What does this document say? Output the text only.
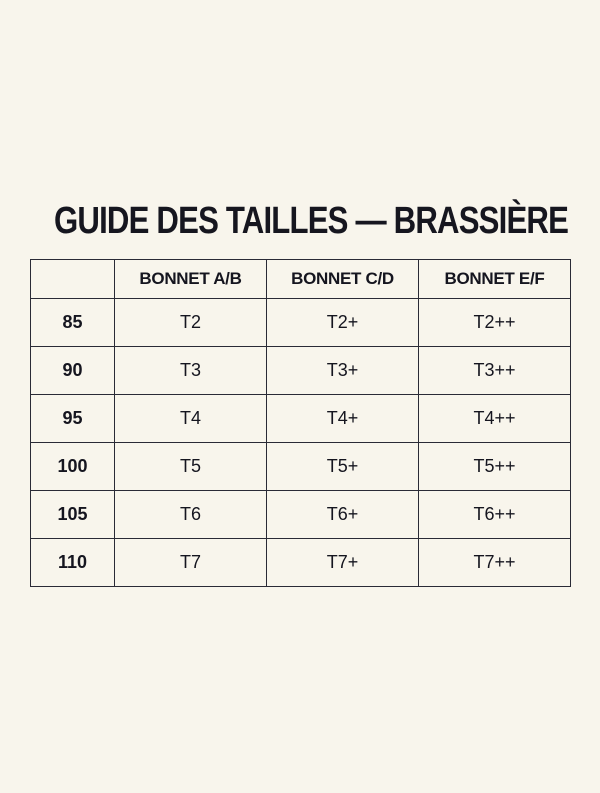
GUIDE DES TAILLES — BRASSIÈRE
	BONNET A/B	BONNET C/D	BONNET E/F
85	T2	T2+	T2++
90	T3	T3+	T3++
95	T4	T4+	T4++
100	T5	T5+	T5++
105	T6	T6+	T6++
110	T7	T7+	T7++
